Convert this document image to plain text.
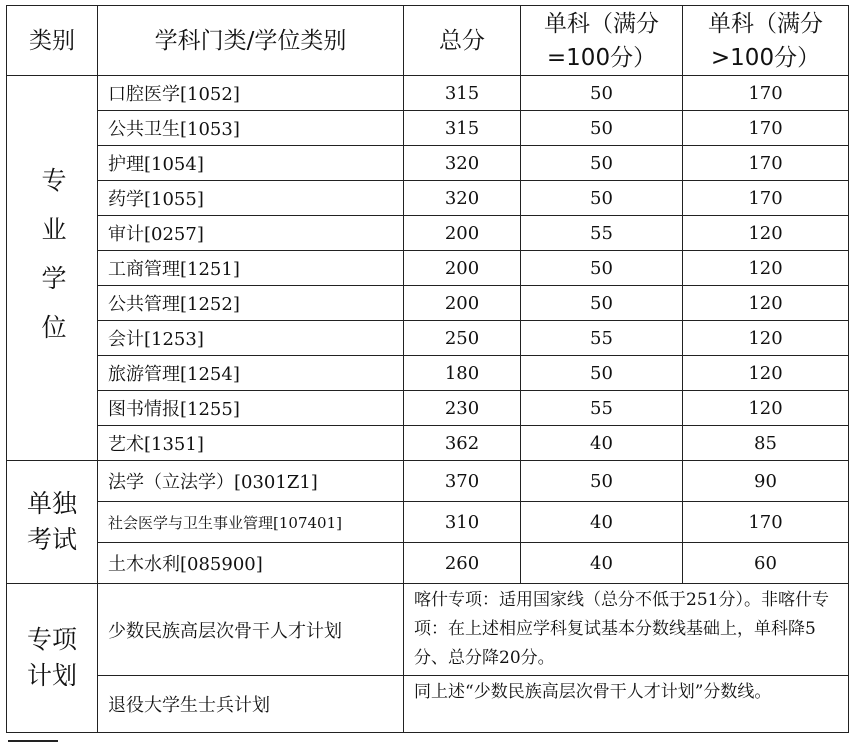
类别	学科门类/学位类别	总分	单科（满分=100分）	单科（满分>100分）
专业学位	口腔医学[1052]	315	50	170
	公共卫生[1053]	315	50	170
	护理[1054]	320	50	170
	药学[1055]	320	50	170
	审计[0257]	200	55	120
	工商管理[1251]	200	50	120
	公共管理[1252]	200	50	120
	会计[1253]	250	55	120
	旅游管理[1254]	180	50	120
	图书情报[1255]	230	55	120
	艺术[1351]	362	40	85

单独考试	法学（立法学）[0301Z1]	370	50	90
	社会医学与卫生事业管理[107401]	310	40	170
	土木水利[085900]	260	40	60

专项计划	少数民族高层次骨干人才计划	喀什专项：适用国家线（总分不低于251分）。非喀什专项：在上述相应学科复试基本分数线基础上，单科降5分、总分降20分。		
	退役大学生士兵计划	同上述“少数民族高层次骨干人才计划”分数线。		
